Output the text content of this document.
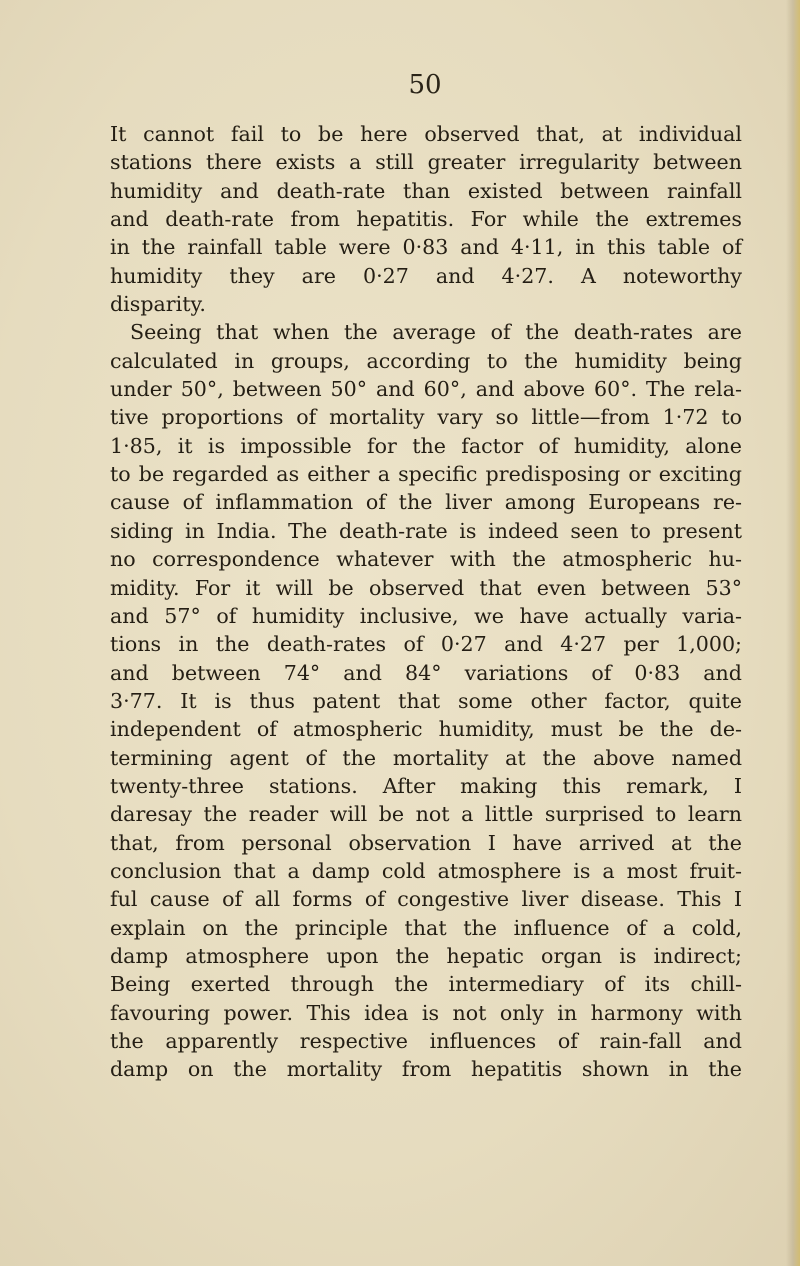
50

It cannot fail to be here observed that, at individual
stations there exists a still greater irregularity between
humidity and death-rate than existed between rainfall
and death-rate from hepatitis. For while the extremes
in the rainfall table were 0·83 and 4·11, in this table of
humidity they are 0·27 and 4·27. A noteworthy
disparity.
Seeing that when the average of the death-rates are
calculated in groups, according to the humidity being
under 50°, between 50° and 60°, and above 60°. The rela-
tive proportions of mortality vary so little—from 1·72 to
1·85, it is impossible for the factor of humidity, alone
to be regarded as either a specific predisposing or exciting
cause of inflammation of the liver among Europeans re-
siding in India. The death-rate is indeed seen to present
no correspondence whatever with the atmospheric hu-
midity. For it will be observed that even between 53°
and 57° of humidity inclusive, we have actually varia-
tions in the death-rates of 0·27 and 4·27 per 1,000;
and between 74° and 84° variations of 0·83 and
3·77. It is thus patent that some other factor, quite
independent of atmospheric humidity, must be the de-
termining agent of the mortality at the above named
twenty-three stations. After making this remark, I
daresay the reader will be not a little surprised to learn
that, from personal observation I have arrived at the
conclusion that a damp cold atmosphere is a most fruit-
ful cause of all forms of congestive liver disease. This I
explain on the principle that the influence of a cold,
damp atmosphere upon the hepatic organ is indirect;
Being exerted through the intermediary of its chill-
favouring power. This idea is not only in harmony with
the apparently respective influences of rain-fall and
damp on the mortality from hepatitis shown in the
